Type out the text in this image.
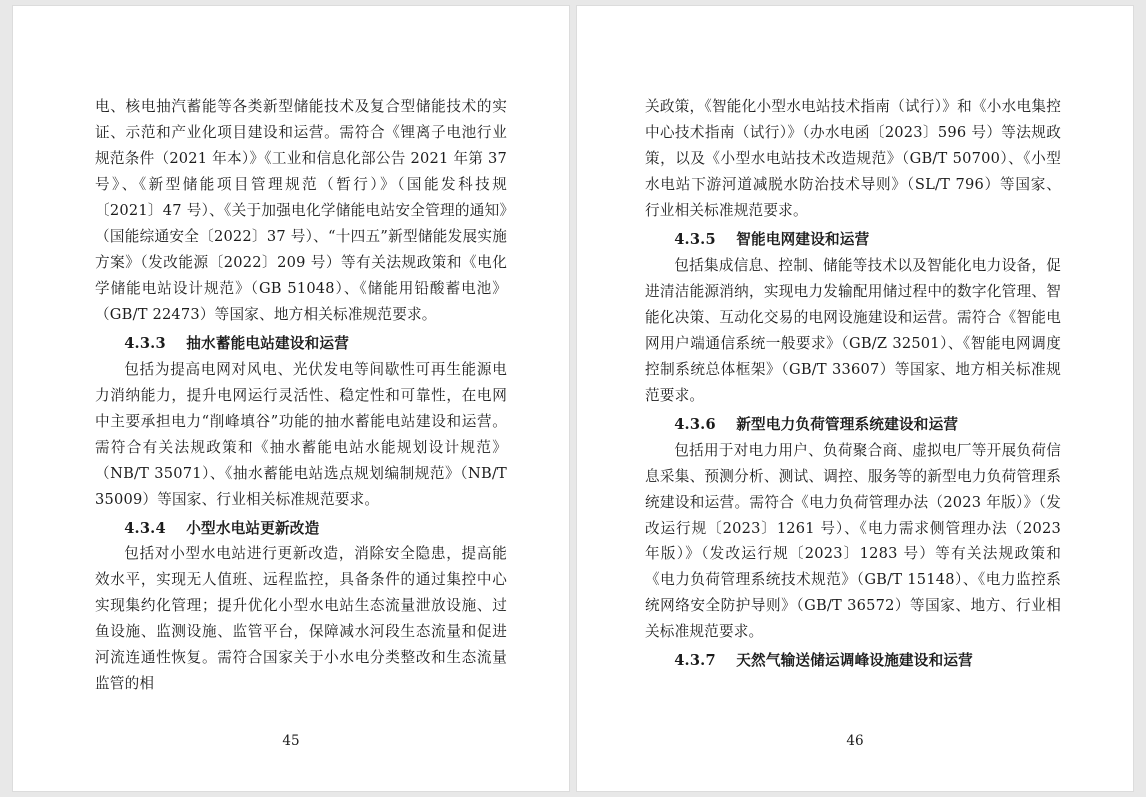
电、核电抽汽蓄能等各类新型储能技术及复合型储能技术的实证、示范和产业化项目建设和运营。需符合《锂离子电池行业规范条件（2021 年本）》《工业和信息化部公告 2021 年第 37 号》、《新型储能项目管理规范（暂行）》（国能发科技规〔2021〕47 号）、《关于加强电化学储能电站安全管理的通知》（国能综通安全〔2022〕37 号）、“十四五”新型储能发展实施方案》（发改能源〔2022〕209 号）等有关法规政策和《电化学储能电站设计规范》（GB 51048）、《储能用铅酸蓄电池》（GB/T 22473）等国家、地方相关标准规范要求。

4.3.3 抽水蓄能电站建设和运营

包括为提高电网对风电、光伏发电等间歇性可再生能源电力消纳能力，提升电网运行灵活性、稳定性和可靠性，在电网中主要承担电力“削峰填谷”功能的抽水蓄能电站建设和运营。需符合有关法规政策和《抽水蓄能电站水能规划设计规范》（NB/T 35071）、《抽水蓄能电站选点规划编制规范》（NB/T 35009）等国家、行业相关标准规范要求。

4.3.4 小型水电站更新改造

包括对小型水电站进行更新改造，消除安全隐患，提高能效水平，实现无人值班、远程监控，具备条件的通过集控中心实现集约化管理；提升优化小型水电站生态流量泄放设施、过鱼设施、监测设施、监管平台，保障减水河段生态流量和促进河流连通性恢复。需符合国家关于小水电分类整改和生态流量监管的相

45

关政策，《智能化小型水电站技术指南（试行）》和《小水电集控中心技术指南（试行）》（办水电函〔2023〕596 号）等法规政策，以及《小型水电站技术改造规范》（GB/T 50700）、《小型水电站下游河道减脱水防治技术导则》（SL/T 796）等国家、行业相关标准规范要求。

4.3.5 智能电网建设和运营

包括集成信息、控制、储能等技术以及智能化电力设备，促进清洁能源消纳，实现电力发输配用储过程中的数字化管理、智能化决策、互动化交易的电网设施建设和运营。需符合《智能电网用户端通信系统一般要求》（GB/Z 32501）、《智能电网调度控制系统总体框架》（GB/T 33607）等国家、地方相关标准规范要求。

4.3.6 新型电力负荷管理系统建设和运营

包括用于对电力用户、负荷聚合商、虚拟电厂等开展负荷信息采集、预测分析、测试、调控、服务等的新型电力负荷管理系统建设和运营。需符合《电力负荷管理办法（2023 年版）》（发改运行规〔2023〕1261 号）、《电力需求侧管理办法（2023 年版）》（发改运行规〔2023〕1283 号）等有关法规政策和《电力负荷管理系统技术规范》（GB/T 15148）、《电力监控系统网络安全防护导则》（GB/T 36572）等国家、地方、行业相关标准规范要求。

4.3.7 天然气输送储运调峰设施建设和运营
46
